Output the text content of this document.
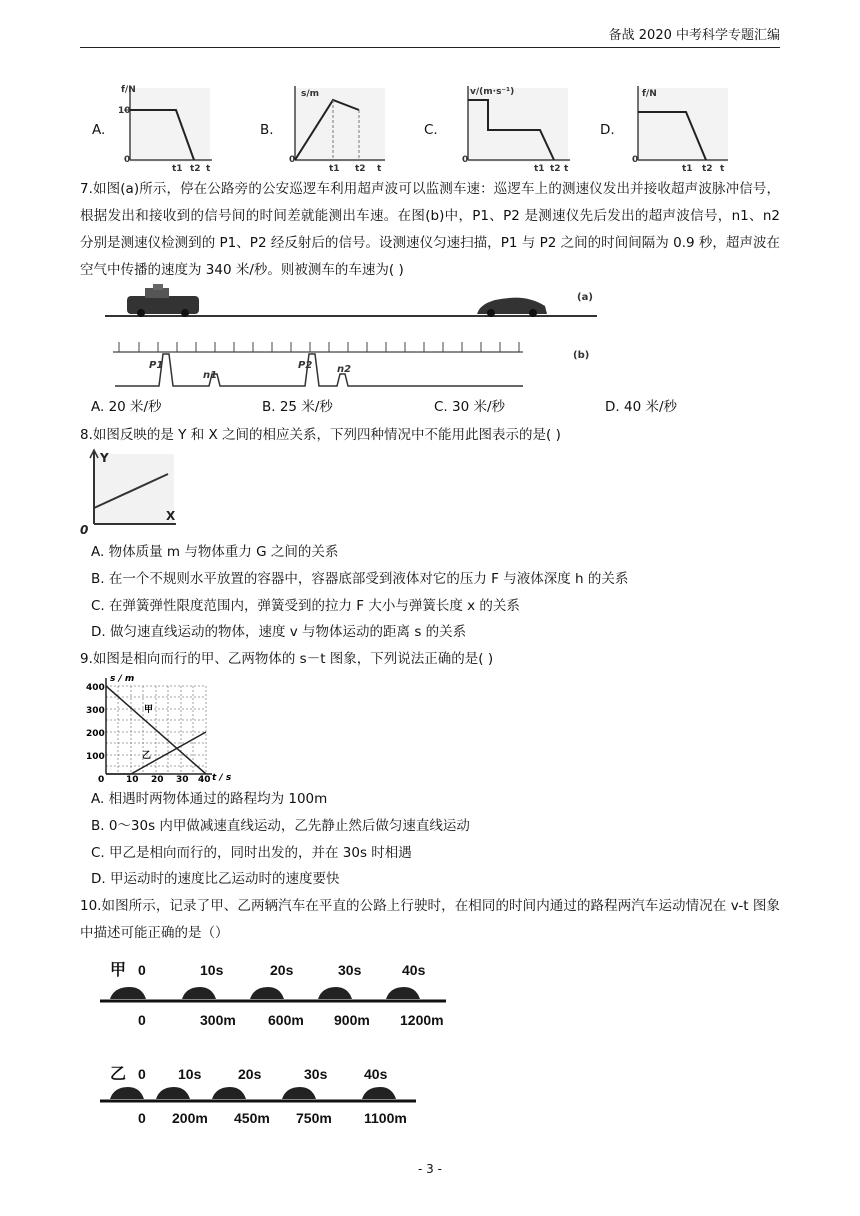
备战 2020 中考科学专题汇编
A.
f/N
10
0
t1 t2 t
B.
s/m
0
t1 t2 t
C.
v/(m·s⁻¹)
0
t1 t2 t
D.
f/N
0
t1 t2 t
7.如图(a)所示，停在公路旁的公安巡逻车利用超声波可以监测车速：巡逻车上的测速仪发出并接收超声波脉冲信号，根据发出和接收到的信号间的时间差就能测出车速。在图(b)中，P1、P2 是测速仪先后发出的超声波信号，n1、n2 分别是测速仪检测到的 P1、P2 经反射后的信号。设测速仪匀速扫描，P1 与 P2 之间的时间间隔为 0.9 秒，超声波在空气中传播的速度为 340 米/秒。则被测车的车速为( )
(a)
P1
n1
P2 n2
(b)
A. 20 米/秒	B. 25 米/秒	C. 30 米/秒	D. 40 米/秒
8.如图反映的是 Y 和 X 之间的相应关系，下列四种情况中不能用此图表示的是( )
Y
X
0
A. 物体质量 m 与物体重力 G 之间的关系
B. 在一个不规则水平放置的容器中，容器底部受到液体对它的压力 F 与液体深度 h 的关系
C. 在弹簧弹性限度范围内，弹簧受到的拉力 F 大小与弹簧长度 x 的关系
D. 做匀速直线运动的物体，速度 v 与物体运动的距离 s 的关系
9.如图是相向而行的甲、乙两物体的 s－t 图象，下列说法正确的是( )
s / m
t / s
400
300
200
100
0 10 20 30 40
甲
乙
A. 相遇时两物体通过的路程均为 100m
B. 0～30s 内甲做减速直线运动，乙先静止然后做匀速直线运动
C. 甲乙是相向而行的，同时出发的，并在 30s 时相遇
D. 甲运动时的速度比乙运动时的速度要快
10.如图所示，记录了甲、乙两辆汽车在平直的公路上行驶时，在相同的时间内通过的路程两汽车运动情况在 v-t 图象中描述可能正确的是（）
甲 0	10s	20s	30s	40s
0	300m 600m 900m 1200m
乙 0 10s	20s	30s	40s
0 200m 450m 750m 1100m
- 3 -
